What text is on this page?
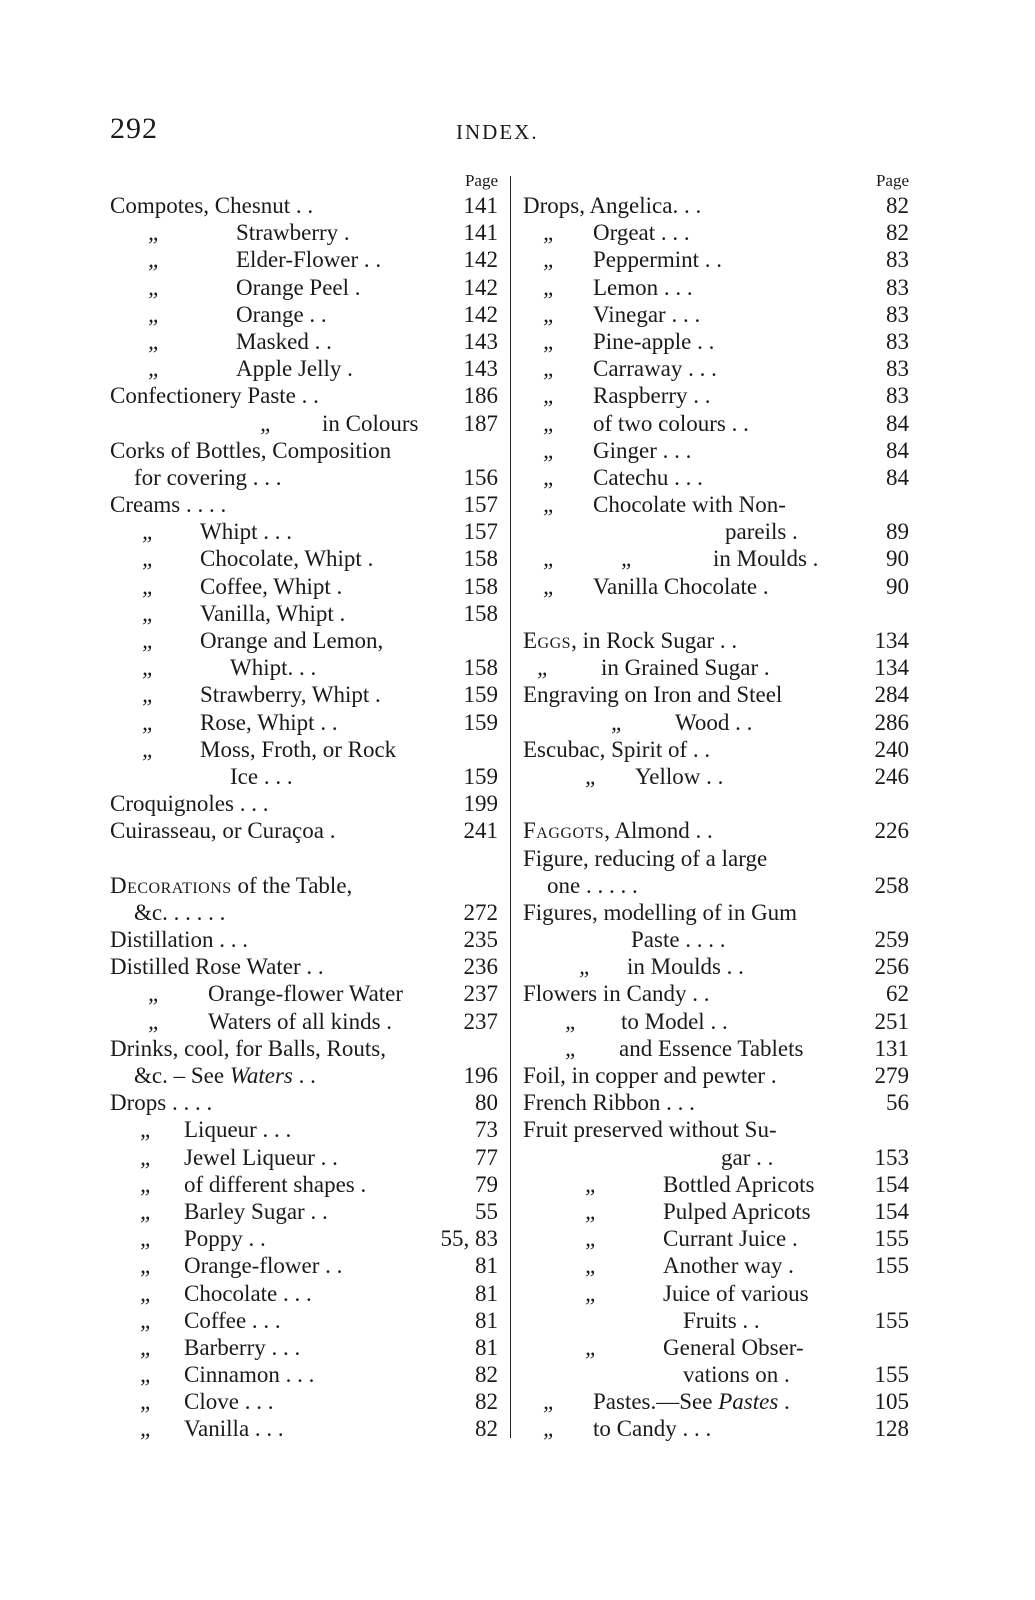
292	INDEX.
Page
Compotes, Chesnut . .	141
„	Strawberry .	141
„	Elder-Flower . .	142
„	Orange Peel .	142
„	Orange . .	142
„	Masked . .	143
„	Apple Jelly .	143
Confectionery Paste . .	186
„ in Colours 187
Corks of Bottles, Composition
for covering . . .	156
Creams . . . .	157
„ Whipt . . .	157
„ Chocolate, Whipt .	158
„ Coffee, Whipt .	158
„ Vanilla, Whipt .	158
„ Orange and Lemon,
„	Whipt. . .	158
„ Strawberry, Whipt .	159
„ Rose, Whipt . .	159
„ Moss, Froth, or Rock
Ice . . .	159
Croquignoles . . .	199
Cuirasseau, or Curaçoa .	241
Decorations of the Table,
&c. . . . . .	272
Distillation . . .	235
Distilled Rose Water . .	236
„ Orange-flower Water	237
„ Waters of all kinds .	237
Drinks, cool, for Balls, Routs,
&c. – See Waters . .	196
Drops . . . .	80
„ Liqueur . . .	73
„ Jewel Liqueur . .	77
„ of different shapes .	79
„ Barley Sugar . .	55
„ Poppy . .	55, 83
„ Orange-flower . .	81
„ Chocolate . . .	81
„ Coffee . . .	81
„ Barberry . . .	81
„ Cinnamon . . .	82
„ Clove . . .	82
„ Vanilla . . .	82
Page
Drops, Angelica. . .	82
„ Orgeat . . .	82
„ Peppermint . .	83
„ Lemon . . .	83
„ Vinegar . . .	83
„ Pine-apple . .	83
„ Carraway . . .	83
„ Raspberry . .	83
„ of two colours . .	84
„ Ginger . . .	84
„ Catechu . . .	84
„ Chocolate with Non-
pareils .	89
„	„	in Moulds .	90
„ Vanilla Chocolate .	90
Eggs, in Rock Sugar . .	134
„ in Grained Sugar .	134
Engraving on Iron and Steel	284
„ Wood . .	286
Escubac, Spirit of . .	240
„ Yellow . .	246
Faggots, Almond . .	226
Figure, reducing of a large
one . . . . .	258
Figures, modelling of in Gum
Paste . . . .	259
„ in Moulds . .	256
Flowers in Candy . .	62
„ to Model . .	251
„ and Essence Tablets	131
Foil, in copper and pewter .	279
French Ribbon . . .	56
Fruit preserved without Su-
gar . .	153
„	Bottled Apricots	154
„	Pulped Apricots	154
„	Currant Juice .	155
„	Another way .	155
„	Juice of various
Fruits . .	155
„	General Obser-
vations on .	155
„ Pastes.—See Pastes .	105
„ to Candy . . .	128
